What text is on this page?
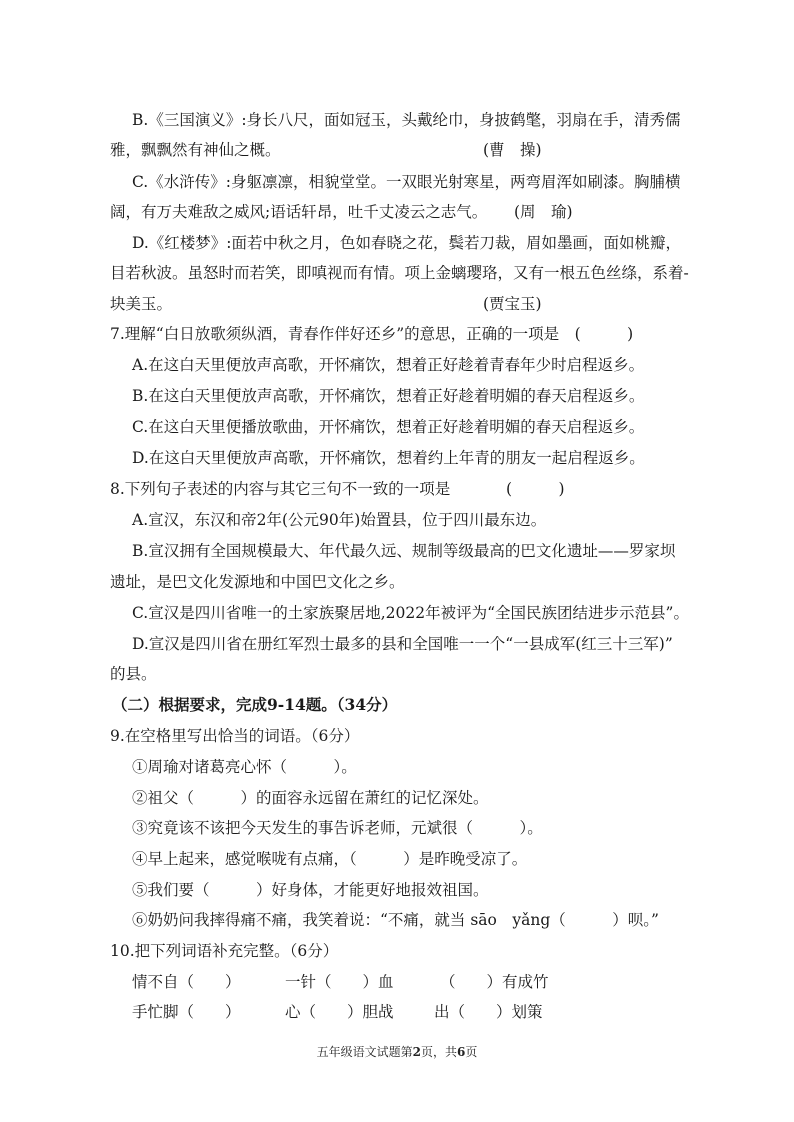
B.《三国演义》:身长八尺，面如冠玉，头戴纶巾，身披鹤氅，羽扇在手，清秀儒
雅，飘飘然有神仙之概。	(曹　操)
C.《水浒传》:身躯凛凛，相貌堂堂。一双眼光射寒星，两弯眉浑如刷漆。胸脯横
阔，有万夫难敌之威风;语话轩昂，吐千丈凌云之志气。 (周　瑜)
D.《红楼梦》:面若中秋之月，色如春晓之花，鬓若刀裁，眉如墨画，面如桃瓣，
目若秋波。虽怒时而若笑，即嗔视而有情。项上金螭璎珞，又有一根五色丝绦，系着-
块美玉。	(贾宝玉)
7.理解“白日放歌须纵酒，青春作伴好还乡”的意思，正确的一项是　(　　　)
A.在这白天里便放声高歌，开怀痛饮，想着正好趁着青春年少时启程返乡。
B.在这白天里便放声高歌，开怀痛饮，想着正好趁着明媚的春天启程返乡。
C.在这白天里便播放歌曲，开怀痛饮，想着正好趁着明媚的春天启程返乡。
D.在这白天里便放声高歌，开怀痛饮，想着约上年青的朋友一起启程返乡。
8.下列句子表述的内容与其它三句不一致的一项是	(　　　)
A.宣汉，东汉和帝2年(公元90年)始置县，位于四川最东边。
B.宣汉拥有全国规模最大、年代最久远、规制等级最高的巴文化遗址——罗家坝
遗址，是巴文化发源地和中国巴文化之乡。
C.宣汉是四川省唯一的土家族聚居地,2022年被评为“全国民族团结进步示范县”。
D.宣汉是四川省在册红军烈士最多的县和全国唯一一个“一县成军(红三十三军)”
的县。
（二）根据要求，完成9-14题。（34分）
9.在空格里写出恰当的词语。（6分）
①周瑜对诸葛亮心怀（　　　）。
②祖父（　　　）的面容永远留在萧红的记忆深处。
③究竟该不该把今天发生的事告诉老师，元斌很（　　　）。
④早上起来，感觉喉咙有点痛，（　　　）是昨晚受凉了。
⑤我们要（　　　）好身体，才能更好地报效祖国。
⑥奶奶问我摔得痛不痛，我笑着说：“不痛，就当 sāo　yǎng（　　　）呗。”
10.把下列词语补充完整。（6分）
情不自（　　）	一针（　　）血	（　　）有成竹
手忙脚（　　）	心（　　）胆战	出（　　）划策
五年级语文试题第2页，共6页
